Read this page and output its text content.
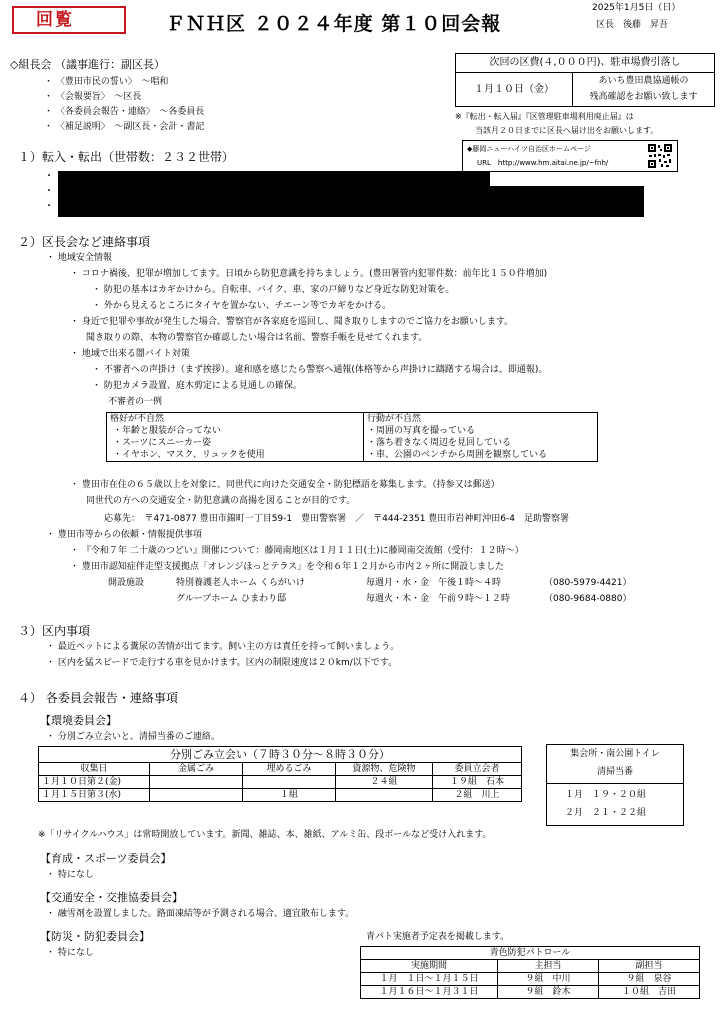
回覧	ＦＮＨ区 ２０２４年度 第１０回会報
2025年1月5日（日）
区長　後藤　昇吾
次回の区費(４,０００円)、駐車場費引落し
１月１０日（金）
あいち豊田農協通帳の
残高確認をお願い致します
※『転出・転入届』『区管理駐車場利用廃止届』は
当該月２０日までに区長へ届け出をお願いします。
◆藤岡ニューハイツ自治区ホームページ
URL　http://www.hm.aitai.ne.jp/~fnh/
◇組長会 （議事進行：副区長）
・ 〈豊田市民の誓い〉　～唱和
・ 〈会報要旨〉　～区長
・ 〈各委員会報告・連絡〉　～各委員長
・ 〈補足説明〉　～副区長・会計・書記
１）転入・転出（世帯数：２３２世帯）
・
・
・
２）区長会など連絡事項
・ 地域安全情報
・ コロナ禍後、犯罪が増加してます。日頃から防犯意識を持ちましょう。(豊田署管内犯罪件数：前年比１５０件増加)
・ 防犯の基本はカギかけから。自転車、バイク、車、家の戸締りなど身近な防犯対策を。
・ 外から見えるところにタイヤを置かない、チエーン等でカギをかける。
・ 身近で犯罪や事故が発生した場合、警察官が各家庭を巡回し、聞き取りしますのでご協力をお願いします。
聞き取りの際、本物の警察官か確認したい場合は名前、警察手帳を見せてくれます。
・ 地域で出来る闇バイト対策
・ 不審者への声掛け（まず挨拶）。違和感を感じたら警察へ通報(体格等から声掛けに躊躇する場合は、即通報)。
・ 防犯カメラ設置、庭木剪定による見通しの確保。
不審者の一例
格好が不自然	行動が不自然
・年齢と服装が合ってない	・周囲の写真を撮っている
・スーツにスニーカー姿	・落ち着きなく周辺を見回している
・イヤホン、マスク、リュックを使用	・車、公園のベンチから周囲を観察している
・ 豊田市在住の６５歳以上を対象に、同世代に向けた交通安全・防犯標語を募集します。（持参又は郵送）
同世代の方への交通安全・防犯意識の高揚を図ることが目的です。
応募先：　〒471-0877 豊田市錦町一丁目59-1　豊田警察署　／　〒444-2351 豊田市岩神町沖田6-4　足助警察署
・ 豊田市等からの依頼・情報提供事項
・ 『令和７年 二十歳のつどい』開催について：藤岡南地区は１月１１日(土)に藤岡南交流館（受付：１２時～）
・ 豊田市認知症伴走型支援拠点「オレンジほっとテラス」を令和６年１２月から市内２ヶ所に開設しました
開設施設	特別養護老人ホーム くらがいけ	毎週月・水・金　午後１時～４時	（080-5979-4421）
グループホーム ひまわり邸	毎週火・木・金　午前９時～１２時	（080-9684-0880）
３）区内事項
・ 最近ペットによる糞尿の苦情が出てます。飼い主の方は責任を持って飼いましょう。
・ 区内を猛スピードで走行する車を見かけます。区内の制限速度は２０km/以下です。
４） 各委員会報告・連絡事項
【環境委員会】
・ 分別ごみ立会いと、清掃当番のご連絡。
分別ごみ立会い（７時３０分～８時３０分）				
収集日	金属ごみ	埋めるごみ	資源物、危険物	委員立会者
１月１０日第２(金)			２４組	１９組　石本
１月１５日第３(水)		１組		２組　川上
集会所・南公園トイレ
清掃当番
１月　１９・２０組
２月　２１・２２組
※「リサイクルハウス」は常時開放しています。新聞、雑誌、本、雑紙、アルミ缶、段ボールなど受け入れます。
【育成・スポーツ委員会】
・ 特になし
【交通安全・交推協委員会】
・ 融雪剤を設置しました。路面凍結等が予測される場合、適宜散布します。
【防災・防犯委員会】
・ 特になし
青パト実施者予定表を掲載します。
青色防犯パトロール		
実施期間	主担当	副担当
１月　１日～１月１５日	９組　中川	９組　泉谷
１月１６日～１月３１日	９組　鈴木	１０組　吉田
